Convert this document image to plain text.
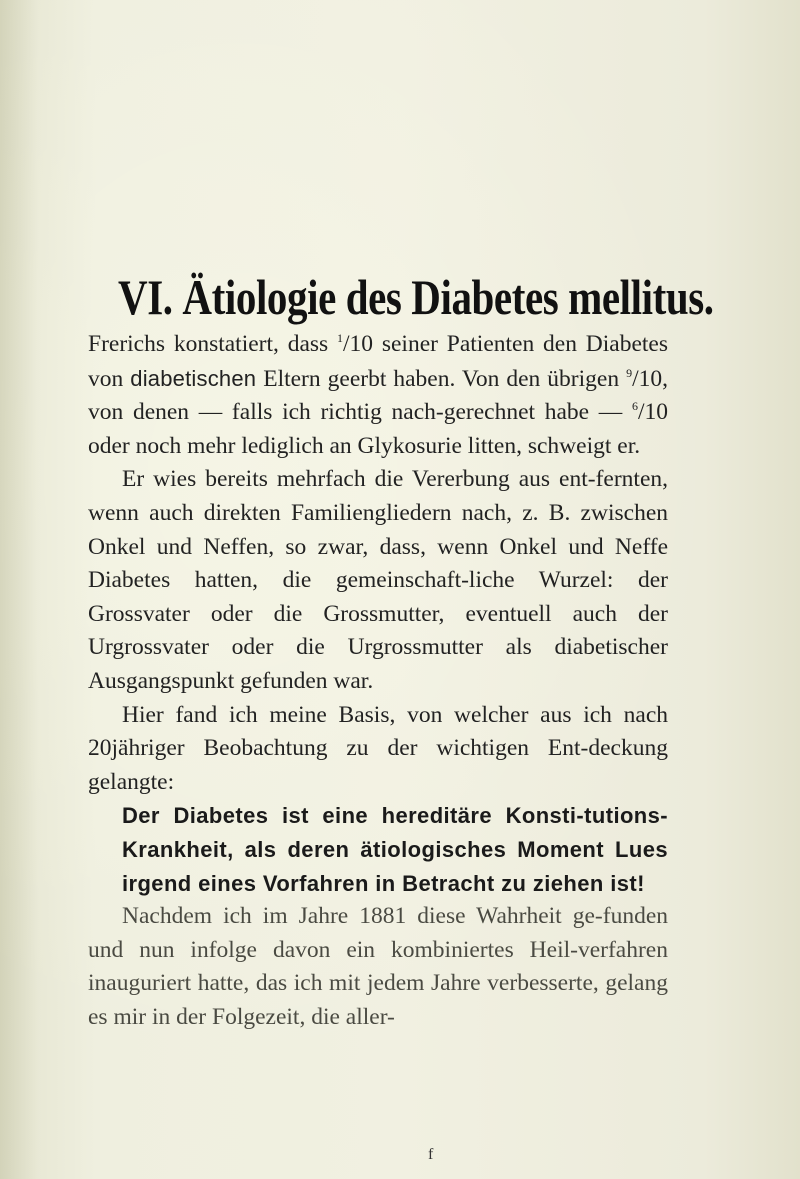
VI. Ätiologie des Diabetes mellitus.

Frerichs konstatiert, dass $^1$/10 seiner Patienten den Diabetes von diabetischen Eltern geerbt haben. Von den übrigen $^9$/10, von denen — falls ich richtig nach-gerechnet habe — $^6$/10 oder noch mehr lediglich an Glykosurie litten, schweigt er.

Er wies bereits mehrfach die Vererbung aus ent-fernten, wenn auch direkten Familiengliedern nach, z. B. zwischen Onkel und Neffen, so zwar, dass, wenn Onkel und Neffe Diabetes hatten, die gemeinschaft-liche Wurzel: der Grossvater oder die Grossmutter, eventuell auch der Urgrossvater oder die Urgrossmutter als diabetischer Ausgangspunkt gefunden war.

Hier fand ich meine Basis, von welcher aus ich nach 20jähriger Beobachtung zu der wichtigen Ent-deckung gelangte:

Der Diabetes ist eine hereditäre Konsti-tutions-Krankheit, als deren ätiologisches Moment Lues irgend eines Vorfahren in Betracht zu ziehen ist!

Nachdem ich im Jahre 1881 diese Wahrheit ge-funden und nun infolge davon ein kombiniertes Heil-verfahren inauguriert hatte, das ich mit jedem Jahre verbesserte, gelang es mir in der Folgezeit, die aller-

f
